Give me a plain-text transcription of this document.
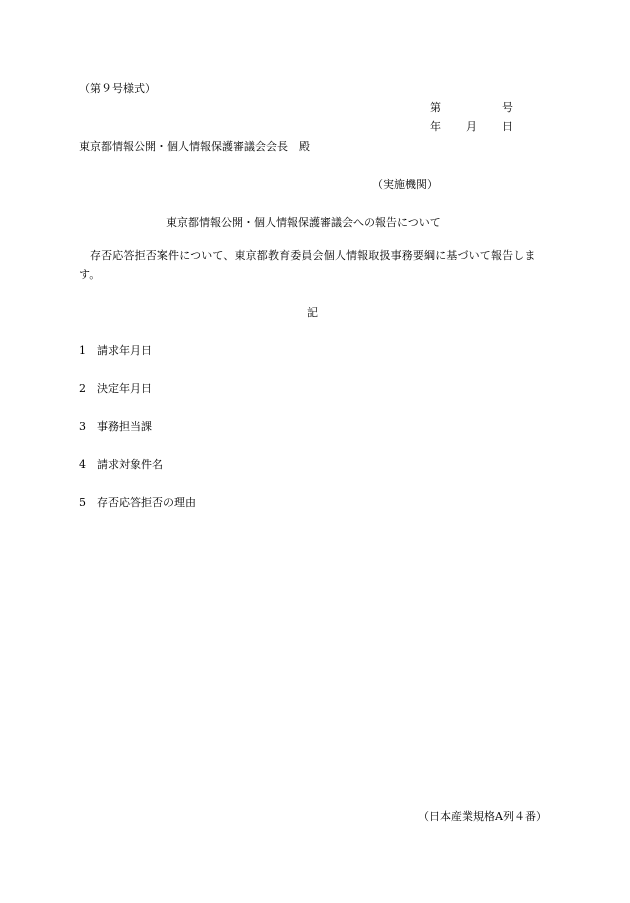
（第９号様式）
第	号
年 月 日
東京都情報公開・個人情報保護審議会会長　殿
（実施機関）
東京都情報公開・個人情報保護審議会への報告について
存否応答拒否案件について、東京都教育委員会個人情報取扱事務要綱に基づいて報告します。
記
1 請求年月日
2 決定年月日
3 事務担当課
4 請求対象件名
5 存否応答拒否の理由
（日本産業規格A列４番）
